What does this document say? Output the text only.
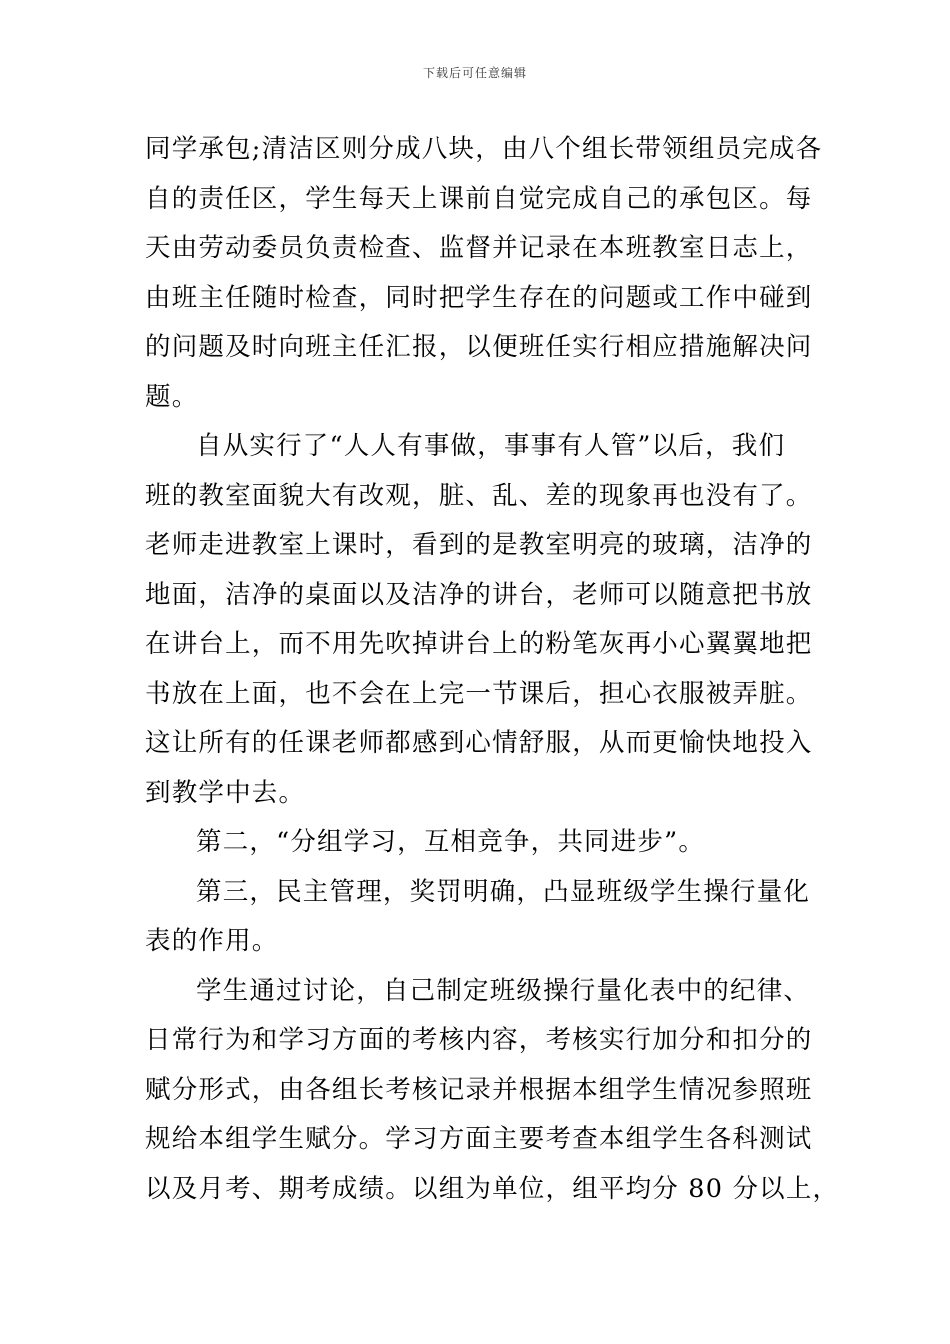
下载后可任意编辑
同学承包;清洁区则分成八块，由八个组长带领组员完成各
自的责任区，学生每天上课前自觉完成自己的承包区。每
天由劳动委员负责检查、监督并记录在本班教室日志上，
由班主任随时检查，同时把学生存在的问题或工作中碰到
的问题及时向班主任汇报，以便班任实行相应措施解决问
题。
自从实行了“人人有事做，事事有人管”以后，我们
班的教室面貌大有改观，脏、乱、差的现象再也没有了。
老师走进教室上课时，看到的是教室明亮的玻璃，洁净的
地面，洁净的桌面以及洁净的讲台，老师可以随意把书放
在讲台上，而不用先吹掉讲台上的粉笔灰再小心翼翼地把
书放在上面，也不会在上完一节课后，担心衣服被弄脏。
这让所有的任课老师都感到心情舒服，从而更愉快地投入
到教学中去。
第二，“分组学习，互相竞争，共同进步”。
第三，民主管理，奖罚明确，凸显班级学生操行量化
表的作用。
学生通过讨论，自己制定班级操行量化表中的纪律、
日常行为和学习方面的考核内容，考核实行加分和扣分的
赋分形式，由各组长考核记录并根据本组学生情况参照班
规给本组学生赋分。学习方面主要考查本组学生各科测试
以及月考、期考成绩。以组为单位，组平均分 80 分以上，
